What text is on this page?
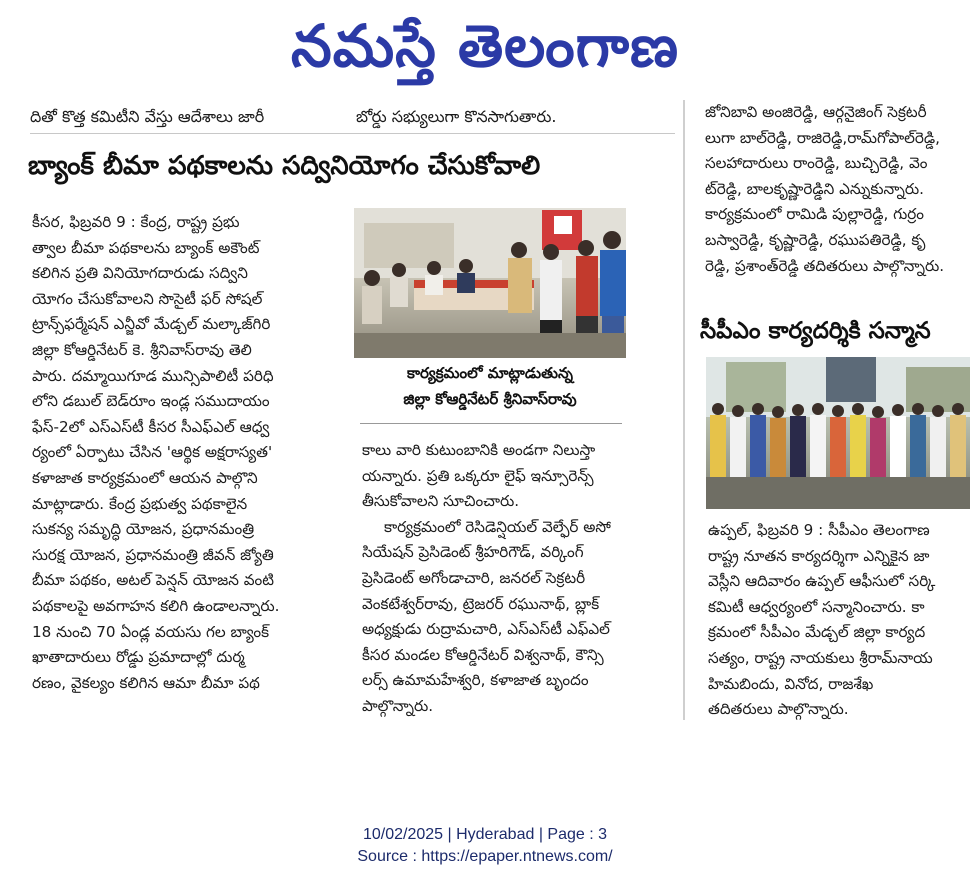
నమస్తే తెలంగాణ
దితో కొత్త కమిటీని వేస్తు ఆదేశాలు జారీ	బోర్డు సభ్యులుగా కొనసాగుతారు.	జోనిబావి అంజిరెడ్డి, ఆర్గనైజింగ్ సెక్రటరీ

లుగా బాల్‌రెడ్డి, రాజిరెడ్డి,రామ్‌గోపాల్‌రెడ్డి,

సలహాదారులు రాంరెడ్డి, బుచ్చిరెడ్డి, వెం

ట్‌రెడ్డి, బాలకృష్ణారెడ్డిని ఎన్నుకున్నారు.

కార్యక్రమంలో రామిడి పుల్లారెడ్డి, గుర్రం

బస్వారెడ్డి, కృష్ణారెడ్డి, రఘుపతిరెడ్డి, కృ

రెడ్డి, ప్రశాంత్‌రెడ్డి తదితరులు పాల్గొన్నారు.

బ్యాంక్ బీమా పథకాలను సద్వినియోగం చేసుకోవాలి

కీసర, ఫిబ్రవరి 9 : కేంద్ర, రాష్ట్ర ప్రభు

త్వాల బీమా పథకాలను బ్యాంక్ అకౌంట్

కలిగిన ప్రతి వినియోగదారుడు సద్విని

యోగం చేసుకోవాలని సొసైటీ ఫర్ సోషల్

ట్రాన్స్‌ఫర్మేషన్ ఎన్జీవో మేడ్చల్ మల్కాజ్‌గిరి

జిల్లా కోఆర్డినేటర్ కె. శ్రీనివాస్‌రావు తెలి

పారు. దమ్మాయిగూడ మున్సిపాలిటీ పరిధి

లోని డబుల్ బెడ్‌రూం ఇండ్ల సముదాయం

ఫేస్-2లో ఎస్ఎస్‌టీ కీసర సీఎఫ్ఎల్ ఆధ్వ

ర్యంలో ఏర్పాటు చేసిన 'ఆర్థిక అక్షరాస్యత'

కళాజాత కార్యక్రమంలో ఆయన పాల్గొని

మాట్లాడారు. కేంద్ర ప్రభుత్వ పథకాలైన

సుకన్య సమృద్ధి యోజన, ప్రధానమంత్రి

సురక్ష యోజన, ప్రధానమంత్రి జీవన్ జ్యోతి

బీమా పథకం, అటల్ పెన్షన్ యోజన వంటి

పథకాలపై అవగాహన కలిగి ఉండాలన్నారు.

18 నుంచి 70 ఏండ్ల వయసు గల బ్యాంక్

ఖాతాదారులు రోడ్డు ప్రమాదాల్లో దుర్మ

రణం, వైకల్యం కలిగిన ఆమా బీమా పథ

కార్యక్రమంలో మాట్లాడుతున్న
జిల్లా కోఆర్డినేటర్ శ్రీనివాస్‌రావు

కాలు వారి కుటుంబానికి అండగా నిలుస్తా

యన్నారు. ప్రతి ఒక్కరూ లైఫ్ ఇన్సూరెన్స్

తీసుకోవాలని సూచించారు.

కార్యక్రమంలో రెసిడెన్షియల్ వెల్ఫేర్ అసో

సియేషన్ ప్రెసిడెంట్ శ్రీహరిగౌడ్, వర్కింగ్

ప్రెసిడెంట్ అగోండాచారి, జనరల్ సెక్రటరీ

వెంకటేశ్వర్‌రావు, ట్రెజరర్ రఘునాథ్, బ్లాక్

అధ్యక్షుడు రుద్రామచారి, ఎస్ఎస్‌టీ ఎఫ్ఎల్

కీసర మండల కోఆర్డినేటర్ విశ్వనాథ్, కౌన్సి

లర్స్ ఉమామహేశ్వరి, కళాజాత బృందం

పాల్గొన్నారు.

సీపీఎం కార్యదర్శికి సన్మాన

ఉప్పల్, ఫిబ్రవరి 9 : సీపీఎం తెలంగాణ

రాష్ట్ర నూతన కార్యదర్శిగా ఎన్నికైన జా

వెస్లీని ఆదివారం ఉప్పల్ ఆఫీసులో సర్కి

కమిటీ ఆధ్వర్యంలో సన్మానించారు. కా

క్రమంలో సీపీఎం మేడ్చల్ జిల్లా కార్యద

సత్యం, రాష్ట్ర నాయకులు శ్రీరామ్‌నాయ

హిమబిందు, వినోద, రాజశేఖ

తదితరులు పాల్గొన్నారు.

10/02/2025 | Hyderabad | Page : 3
Source : https://epaper.ntnews.com/
